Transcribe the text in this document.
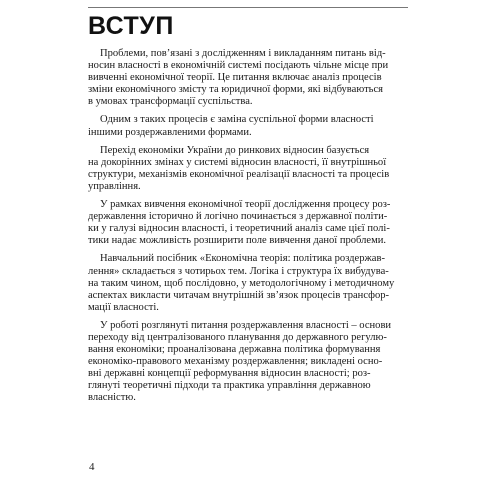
ВСТУП
Проблеми, пов’язані з дослідженням і викладанням питань від-
носин власності в економічній системі посідають чільне місце при
вивченні економічної теорії. Це питання включає аналіз процесів
зміни економічного змісту та юридичної форми, які відбуваються
в умовах трансформації суспільства.
Одним з таких процесів є заміна суспільної форми власності
іншими роздержавленими формами.
Перехід економіки України до ринкових відносин базується
на докорінних змінах у системі відносин власності, її внутрішньої
структури, механізмів економічної реалізації власності та процесів
управління.
У рамках вивчення економічної теорії дослідження процесу роз-
державлення історично й логічно починається з державної політи-
ки у галузі відносин власності, і теоретичний аналіз саме цієї полі-
тики надає можливість розширити поле вивчення даної проблеми.
Навчальний посібник «Економічна теорія: політика роздержав-
лення» складається з чотирьох тем. Логіка і структура їх вибудува-
на таким чином, щоб послідовно, у методологічному і методичному
аспектах викласти читачам внутрішній зв’язок процесів трансфор-
мації власності.
У роботі розглянуті питання роздержавлення власності – основи
переходу від централізованого планування до державного регулю-
вання економіки; проаналізована державна політика формування
економіко-правового механізму роздержавлення; викладені осно-
вні державні концепції реформування відносин власності; роз-
глянуті теоретичні підходи та практика управління державною
власністю.
4
